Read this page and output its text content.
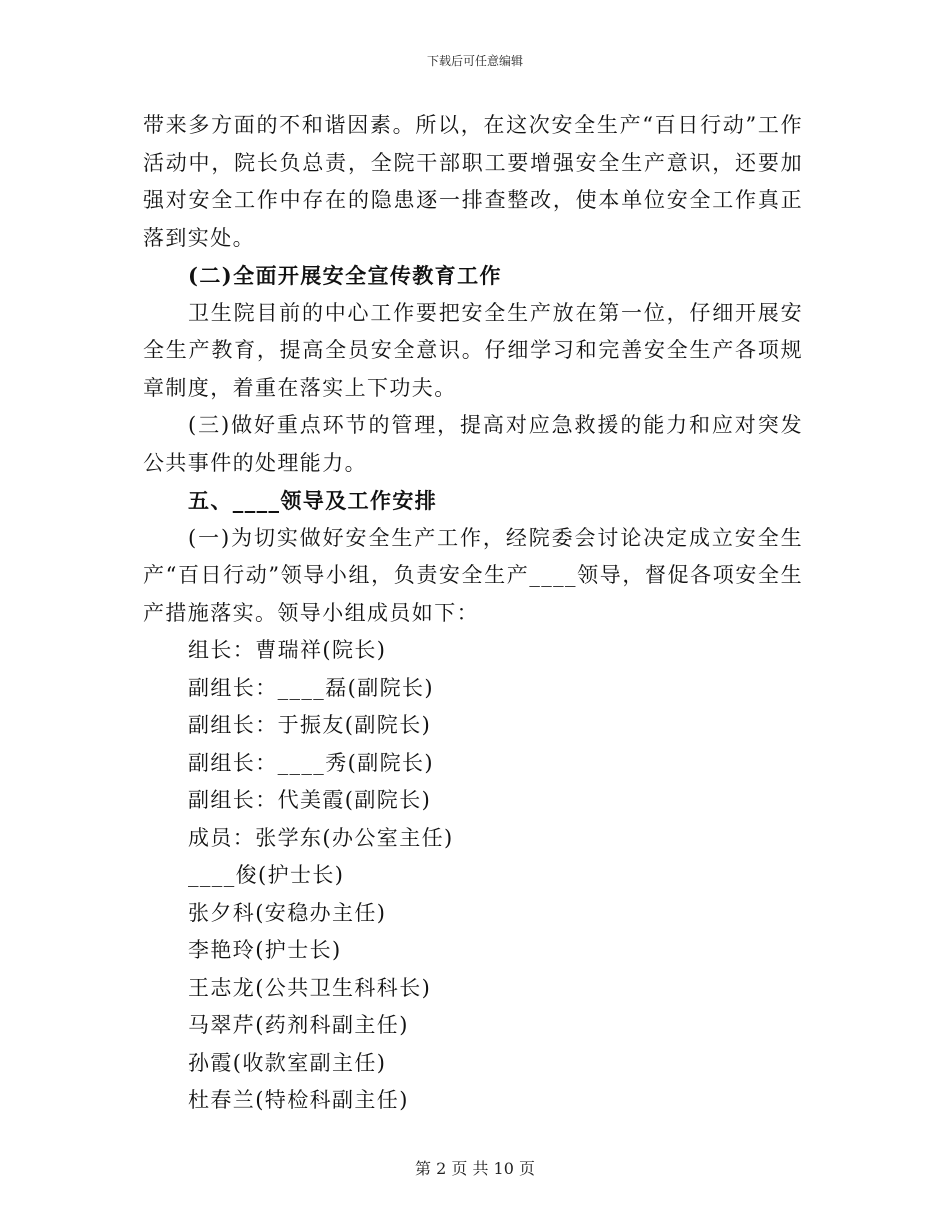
下载后可任意编辑

带来多方面的不和谐因素。所以，在这次安全生产“百日行动”工作活动中，院长负总责，全院干部职工要增强安全生产意识，还要加强对安全工作中存在的隐患逐一排查整改，使本单位安全工作真正落到实处。

(二)全面开展安全宣传教育工作

卫生院目前的中心工作要把安全生产放在第一位，仔细开展安全生产教育，提高全员安全意识。仔细学习和完善安全生产各项规章制度，着重在落实上下功夫。

(三)做好重点环节的管理，提高对应急救援的能力和应对突发公共事件的处理能力。

五、____领导及工作安排

(一)为切实做好安全生产工作，经院委会讨论决定成立安全生产“百日行动”领导小组，负责安全生产____领导，督促各项安全生产措施落实。领导小组成员如下：

组长：曹瑞祥(院长)

副组长：____磊(副院长)

副组长：于振友(副院长)

副组长：____秀(副院长)

副组长：代美霞(副院长)

成员：张学东(办公室主任)

____俊(护士长)

张夕科(安稳办主任)

李艳玲(护士长)

王志龙(公共卫生科科长)

马翠芹(药剂科副主任)

孙霞(收款室副主任)

杜春兰(特检科副主任)

第 2 页 共 10 页
